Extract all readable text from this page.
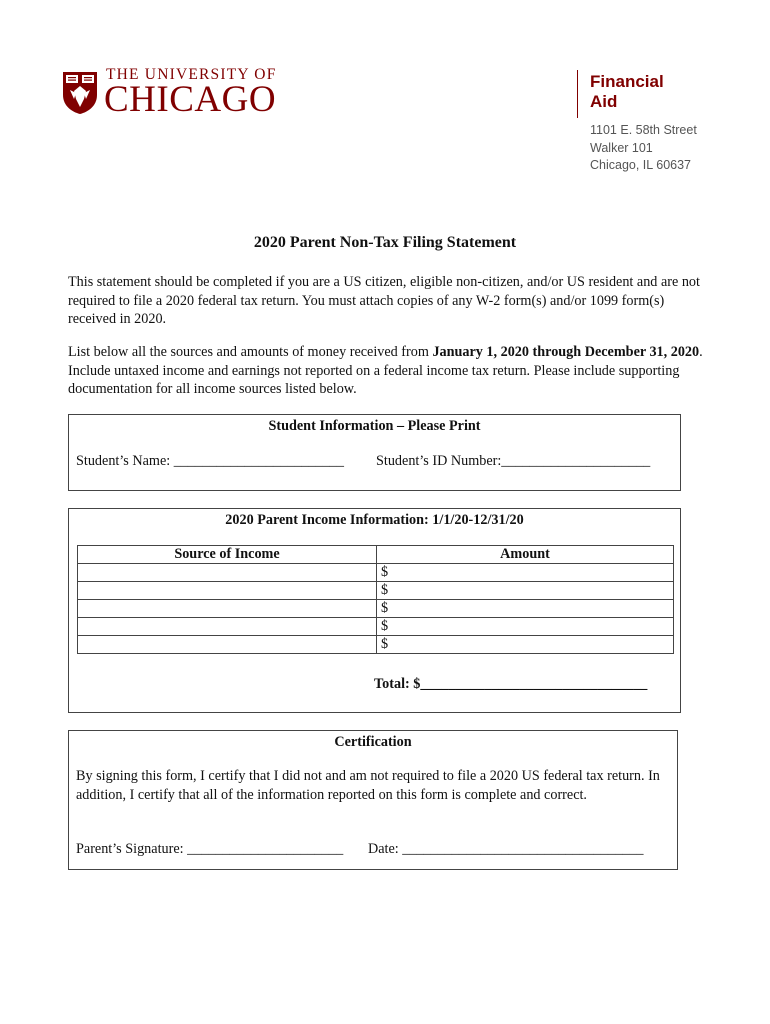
THE UNIVERSITY OF
CHICAGO	Financial
Aid
1101 E. 58th Street
Walker 101
Chicago, IL 60637
2020 Parent Non-Tax Filing Statement
This statement should be completed if you are a US citizen, eligible non-citizen, and/or US resident and are not required to file a 2020 federal tax return. You must attach copies of any W-2 form(s) and/or 1099 form(s) received in 2020.
List below all the sources and amounts of money received from January 1, 2020 through December 31, 2020. Include untaxed income and earnings not reported on a federal income tax return. Please include supporting documentation for all income sources listed below.
Student Information – Please Print
Student’s Name: ________________________ Student’s ID Number:_____________________
2020 Parent Income Information: 1/1/20-12/31/20
Source of Income	Amount
	$
	$
	$
	$
	$
Total: $________________________________
Certification
By signing this form, I certify that I did not and am not required to file a 2020 US federal tax return. In addition, I certify that all of the information reported on this form is complete and correct.
Parent’s Signature: ______________________ Date: __________________________________
